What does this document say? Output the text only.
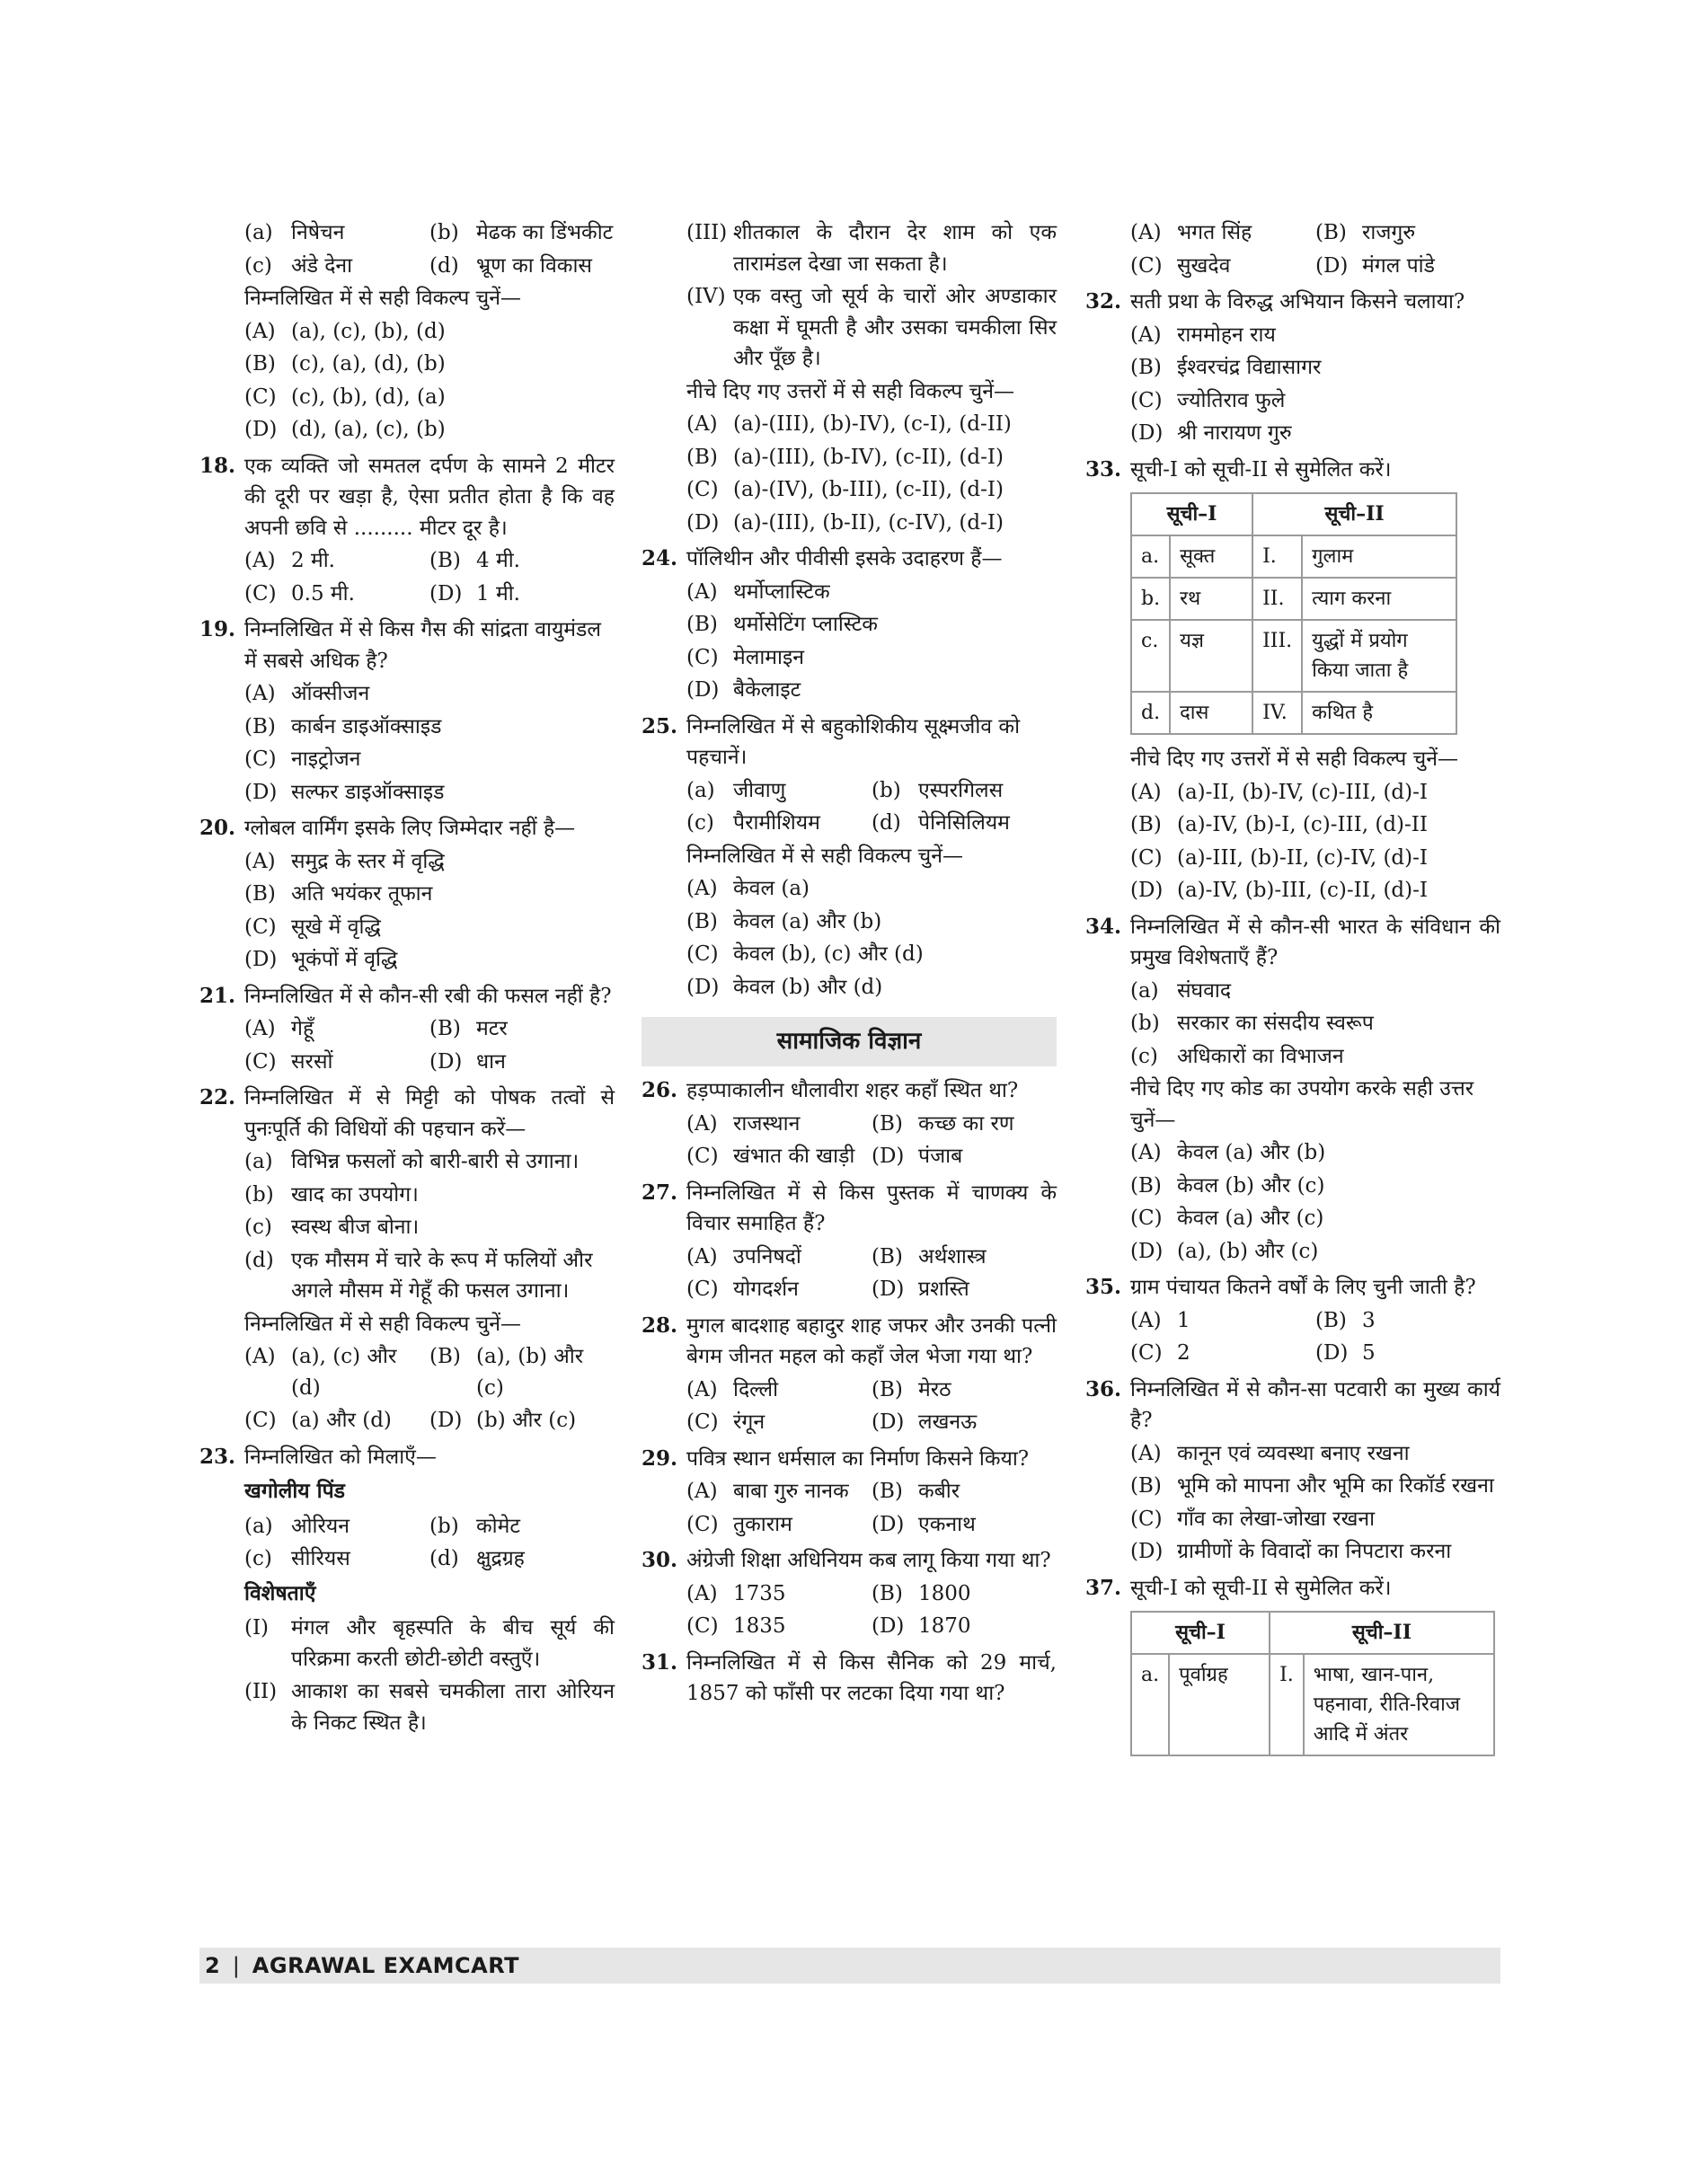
(a) निषेचन	(b) मेढक का डिंभकीट
(c) अंडे देना	(d) भ्रूण का विकास
निम्नलिखित में से सही विकल्प चुनें—
(A) (a), (c), (b), (d)
(B) (c), (a), (d), (b)
(C) (c), (b), (d), (a)
(D) (d), (a), (c), (b)
18. एक व्यक्ति जो समतल दर्पण के सामने 2 मीटर की दूरी पर खड़ा है, ऐसा प्रतीत होता है कि वह अपनी छवि से ......... मीटर दूर है।
(A) 2 मी.	(B) 4 मी.
(C) 0.5 मी.	(D) 1 मी.
19. निम्नलिखित में से किस गैस की सांद्रता वायुमंडल में सबसे अधिक है?
(A) ऑक्सीजन
(B) कार्बन डाइऑक्साइड
(C) नाइट्रोजन
(D) सल्फर डाइऑक्साइड
20. ग्लोबल वार्मिंग इसके लिए जिम्मेदार नहीं है—
(A) समुद्र के स्तर में वृद्धि
(B) अति भयंकर तूफान
(C) सूखे में वृद्धि
(D) भूकंपों में वृद्धि
21. निम्नलिखित में से कौन-सी रबी की फसल नहीं है?
(A) गेहूँ	(B) मटर
(C) सरसों	(D) धान
22. निम्नलिखित में से मिट्टी को पोषक तत्वों से पुनःपूर्ति की विधियों की पहचान करें—
(a) विभिन्न फसलों को बारी-बारी से उगाना।
(b) खाद का उपयोग।
(c) स्वस्थ बीज बोना।
(d) एक मौसम में चारे के रूप में फलियों और अगले मौसम में गेहूँ की फसल उगाना।
निम्नलिखित में से सही विकल्प चुनें—
(A) (a), (c) और (d)
(B) (a), (b) और (c)
(C) (a) और (d) (D) (b) और (c)
23. निम्नलिखित को मिलाएँ—
खगोलीय पिंड
(a) ओरियन	(b) कोमेट
(c) सीरियस	(d) क्षुद्रग्रह
विशेषताएँ
(I)	मंगल और बृहस्पति के बीच सूर्य की परिक्रमा करती छोटी-छोटी वस्तुएँ।
(II) आकाश का सबसे चमकीला तारा ओरियन के निकट स्थित है।
(III) शीतकाल के दौरान देर शाम को एक तारामंडल देखा जा सकता है।
(IV) एक वस्तु जो सूर्य के चारों ओर अण्डाकार कक्षा में घूमती है और उसका चमकीला सिर और पूँछ है।
नीचे दिए गए उत्तरों में से सही विकल्प चुनें—
(A) (a)-(III), (b)-IV), (c-I), (d-II)
(B) (a)-(III), (b-IV), (c-II), (d-I)
(C) (a)-(IV), (b-III), (c-II), (d-I)
(D) (a)-(III), (b-II), (c-IV), (d-I)
24. पॉलिथीन और पीवीसी इसके उदाहरण हैं—
(A) थर्मोप्लास्टिक
(B) थर्मोसेटिंग प्लास्टिक
(C) मेलामाइन
(D) बैकेलाइट
25. निम्नलिखित में से बहुकोशिकीय सूक्ष्मजीव को पहचानें।
(a) जीवाणु	(b) एस्परगिलस
(c) पैरामीशियम (d) पेनिसिलियम
निम्नलिखित में से सही विकल्प चुनें—
(A) केवल (a)
(B) केवल (a) और (b)
(C) केवल (b), (c) और (d)
(D) केवल (b) और (d)
सामाजिक विज्ञान
26. हड़प्पाकालीन धौलावीरा शहर कहाँ स्थित था?
(A) राजस्थान	(B) कच्छ का रण
(C) खंभात की खाड़ी (D) पंजाब
27. निम्नलिखित में से किस पुस्तक में चाणक्य के विचार समाहित हैं?
(A) उपनिषदों	(B) अर्थशास्त्र
(C) योगदर्शन	(D) प्रशस्ति
28. मुगल बादशाह बहादुर शाह जफर और उनकी पत्नी बेगम जीनत महल को कहाँ जेल भेजा गया था?
(A) दिल्ली	(B) मेरठ
(C) रंगून	(D) लखनऊ
29. पवित्र स्थान धर्मसाल का निर्माण किसने किया?
(A) बाबा गुरु नानक (B) कबीर
(C) तुकाराम	(D) एकनाथ
30. अंग्रेजी शिक्षा अधिनियम कब लागू किया गया था?
(A) 1735	(B) 1800
(C) 1835	(D) 1870
31. निम्नलिखित में से किस सैनिक को 29 मार्च, 1857 को फाँसी पर लटका दिया गया था?
(A) भगत सिंह	(B) राजगुरु
(C) सुखदेव	(D) मंगल पांडे
32. सती प्रथा के विरुद्ध अभियान किसने चलाया?
(A) राममोहन राय
(B) ईश्वरचंद्र विद्यासागर
(C) ज्योतिराव फुले
(D) श्री नारायण गुरु
33. सूची-I को सूची-II से सुमेलित करें।
सूची–I		सूची–II	
a.	सूक्त	I.	गुलाम
b.	रथ	II.	त्याग करना
c.	यज्ञ	III.	युद्धों में प्रयोग किया जाता है
d.	दास	IV.	कथित है
नीचे दिए गए उत्तरों में से सही विकल्प चुनें—
(A) (a)-II, (b)-IV, (c)-III, (d)-I
(B) (a)-IV, (b)-I, (c)-III, (d)-II
(C) (a)-III, (b)-II, (c)-IV, (d)-I
(D) (a)-IV, (b)-III, (c)-II, (d)-I
34. निम्नलिखित में से कौन-सी भारत के संविधान की प्रमुख विशेषताएँ हैं?
(a) संघवाद
(b) सरकार का संसदीय स्वरूप
(c) अधिकारों का विभाजन
नीचे दिए गए कोड का उपयोग करके सही उत्तर चुनें—
(A) केवल (a) और (b)
(B) केवल (b) और (c)
(C) केवल (a) और (c)
(D) (a), (b) और (c)
35. ग्राम पंचायत कितने वर्षों के लिए चुनी जाती है?
(A) 1	(B) 3
(C) 2	(D) 5
36. निम्नलिखित में से कौन-सा पटवारी का मुख्य कार्य है?
(A) कानून एवं व्यवस्था बनाए रखना
(B) भूमि को मापना और भूमि का रिकॉर्ड रखना
(C) गाँव का लेखा-जोखा रखना
(D) ग्रामीणों के विवादों का निपटारा करना
37. सूची-I को सूची-II से सुमेलित करें।
सूची–I		सूची–II	
a.	पूर्वाग्रह	I.	भाषा, खान-पान, पहनावा, रीति-रिवाज आदि में अंतर
2 | AGRAWAL EXAMCART
